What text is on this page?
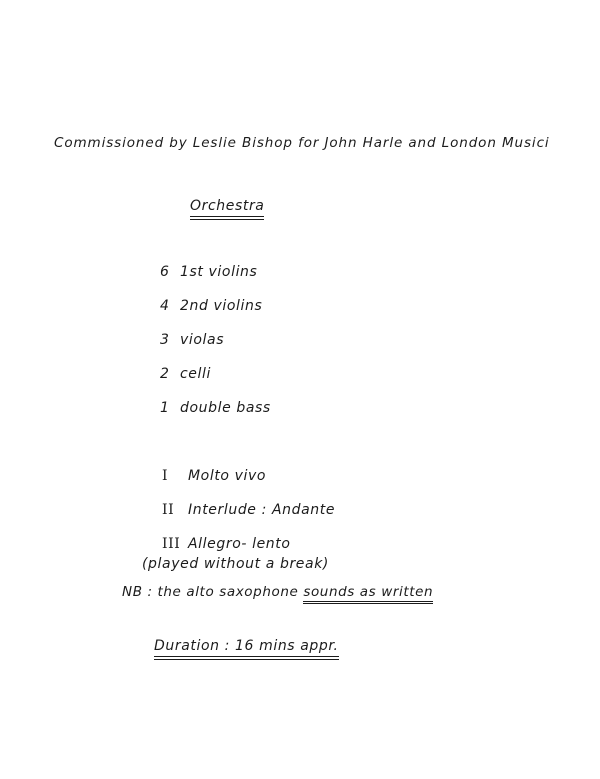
Commissioned by Leslie Bishop for John Harle and London Musici
Orchestra
6 1st violins
4 2nd violins
3 violas
2 celli
1 double bass
I Molto vivo
II Interlude : Andante
III Allegro- lento
(played without a break)
NB : the alto saxophone sounds as written
Duration : 16 mins appr.
